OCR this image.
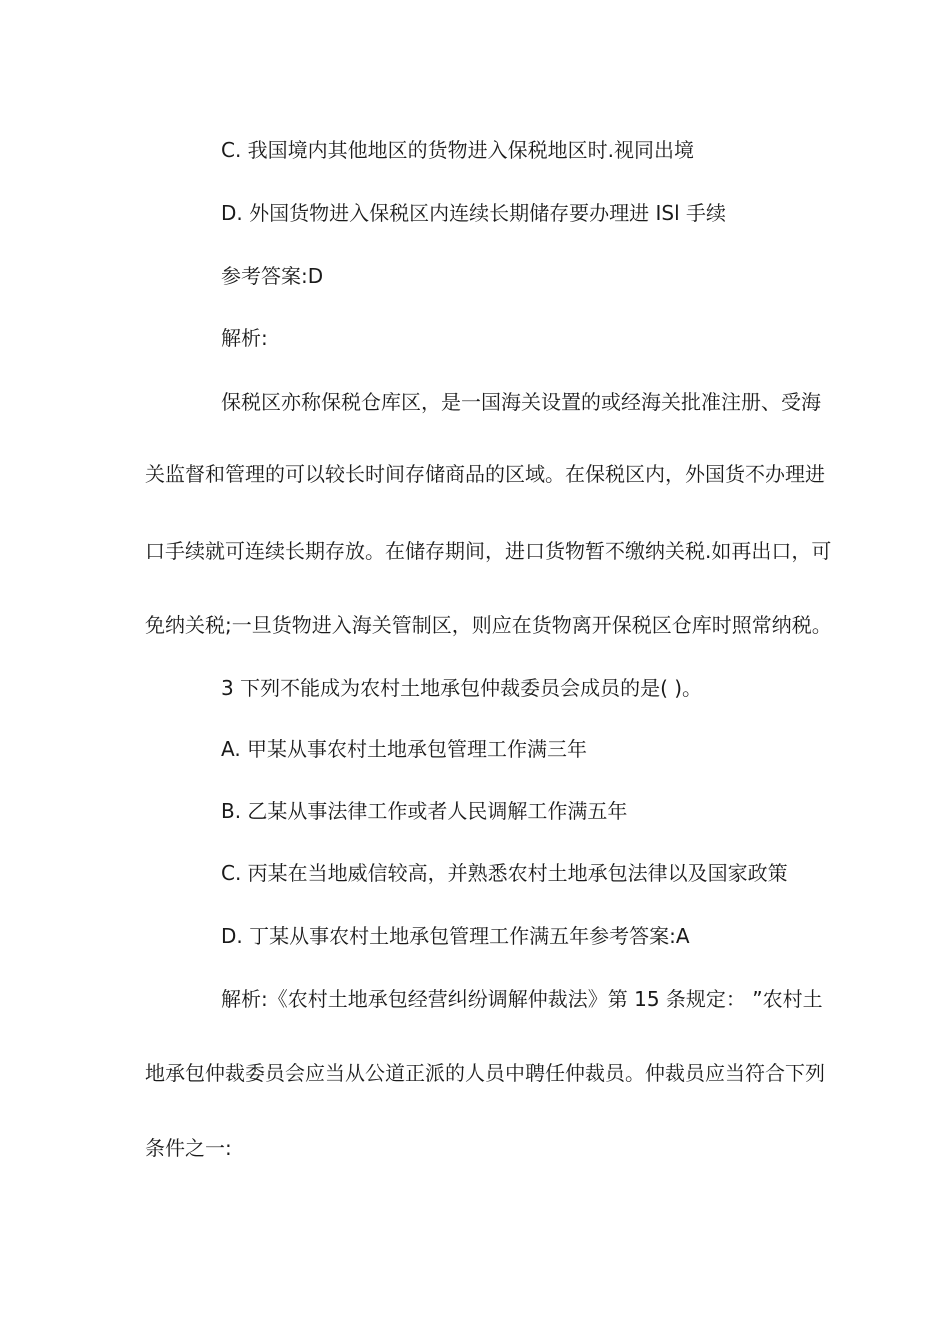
C. 我国境内其他地区的货物进入保税地区时.视同出境
D. 外国货物进入保税区内连续长期储存要办理进 ISl 手续
参考答案:D
解析:
保税区亦称保税仓库区，是一国海关设置的或经海关批准注册、受海
关监督和管理的可以较长时间存储商品的区域。在保税区内，外国货不办理进
口手续就可连续长期存放。在储存期间，进口货物暂不缴纳关税.如再出口，可
免纳关税;一旦货物进入海关管制区，则应在货物离开保税区仓库时照常纳税。
3 下列不能成为农村土地承包仲裁委员会成员的是( )。
A. 甲某从事农村土地承包管理工作满三年
B. 乙某从事法律工作或者人民调解工作满五年
C. 丙某在当地威信较高，并熟悉农村土地承包法律以及国家政策
D. 丁某从事农村土地承包管理工作满五年参考答案:A
解析:《农村土地承包经营纠纷调解仲裁法》第 15 条规定： ”农村土
地承包仲裁委员会应当从公道正派的人员中聘任仲裁员。仲裁员应当符合下列
条件之一:
